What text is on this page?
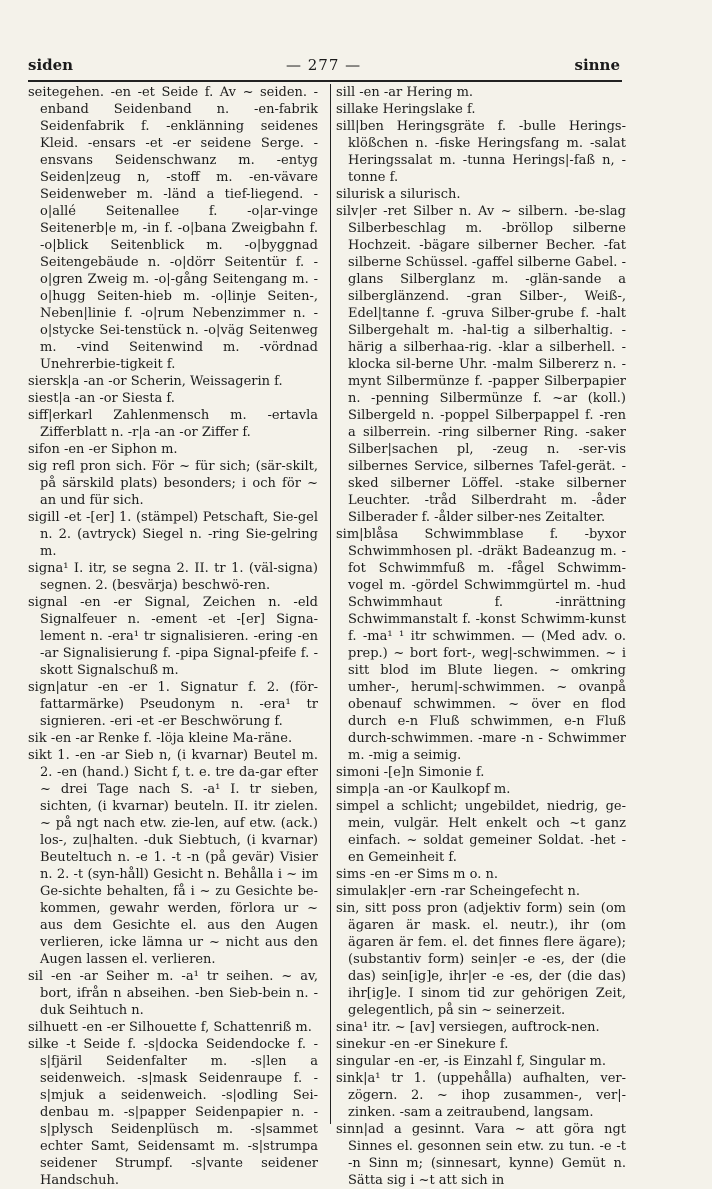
siden	— 277 —	sinne

seitegehen. -en -et Seide f. Av ~ seiden. -enband Seidenband n. -en-fabrik Seidenfabrik f. -enklänning seidenes Kleid. -ensars -et -er seidene Serge. -ensvans Seidenschwanz m. -entyg Seiden|zeug n, -stoff m. -en-vävare Seidenweber m. -länd a tief-liegend. -o|allé Seitenallee f. -o|ar-vinge Seitenerb|e m, -in f. -o|bana Zweigbahn f. -o|blick Seitenblick m. -o|byggnad Seitengebäude n. -o|dörr Seitentür f. -o|gren Zweig m. -o|-gång Seitengang m. -o|hugg Seiten-hieb m. -o|linje Seiten-, Neben|linie f. -o|rum Nebenzimmer n. -o|stycke Sei-tenstück n. -o|väg Seitenweg m. -vind Seitenwind m. -vördnad Unehrerbie-tigkeit f.

siersk|a -an -or Scherin, Weissagerin f.

siest|a -an -or Siesta f.

siff|erkarl Zahlenmensch m. -ertavla Zifferblatt n. -r|a -an -or Ziffer f.

sifon -en -er Siphon m.

sig refl pron sich. För ~ für sich; (sär-skilt, på särskild plats) besonders; i och för ~ an und für sich.

sigill -et -[er] 1. (stämpel) Petschaft, Sie-gel n. 2. (avtryck) Siegel n. -ring Sie-gelring m.

signa¹ I. itr, se segna 2. II. tr 1. (väl-signa) segnen. 2. (besvärja) beschwö-ren.

signal -en -er Signal, Zeichen n. -eld Signalfeuer n. -ement -et -[er] Signa-lement n. -era¹ tr signalisieren. -ering -en -ar Signalisierung f. -pipa Signal-pfeife f. -skott Signalschuß m.

sign|atur -en -er 1. Signatur f. 2. (för-fattarmärke) Pseudonym n. -era¹ tr signieren. -eri -et -er Beschwörung f.

sik -en -ar Renke f. -löja kleine Ma-räne.

sikt 1. -en -ar Sieb n, (i kvarnar) Beutel m. 2. -en (hand.) Sicht f, t. e. tre da-gar efter ~ drei Tage nach S. -a¹ I. tr sieben, sichten, (i kvarnar) beuteln. II. itr zielen. ~ på ngt nach etw. zie-len, auf etw. (ack.) los-, zu|halten. -duk Siebtuch, (i kvarnar) Beuteltuch n. -e 1. -t -n (på gevär) Visier n. 2. -t (syn-håll) Gesicht n. Behålla i ~ im Ge-sichte behalten, få i ~ zu Gesichte be-kommen, gewahr werden, förlora ur ~ aus dem Gesichte el. aus den Augen verlieren, icke lämna ur ~ nicht aus den Augen lassen el. verlieren.

sil -en -ar Seiher m. -a¹ tr seihen. ~ av, bort, ifrån n abseihen. -ben Sieb-bein n. -duk Seihtuch n.

silhuett -en -er Silhouette f, Schattenriß m.

silke -t Seide f. -s|docka Seidendocke f. -s|fjäril Seidenfalter m. -s|len a seidenweich. -s|mask Seidenraupe f. -s|mjuk a seidenweich. -s|odling Sei-denbau m. -s|papper Seidenpapier n. -s|plysch Seidenplüsch m. -s|sammet echter Samt, Seidensamt m. -s|strumpa seidener Strumpf. -s|vante seidener Handschuh.

sill -en -ar Hering m.

sillake Heringslake f.

sill|ben Heringsgräte f. -bulle Herings-klößchen n. -fiske Heringsfang m. -salat Heringssalat m. -tunna Herings|-faß n, -tonne f.

silurisk a silurisch.

silv|er -ret Silber n. Av ~ silbern. -be-slag Silberbeschlag m. -bröllop silberne Hochzeit. -bägare silberner Becher. -fat silberne Schüssel. -gaffel silberne Gabel. -glans Silberglanz m. -glän-sande a silberglänzend. -gran Silber-, Weiß-, Edel|tanne f. -gruva Silber-grube f. -halt Silbergehalt m. -hal-tig a silberhaltig. -härig a silberhaa-rig. -klar a silberhell. -klocka sil-berne Uhr. -malm Silbererz n. -mynt Silbermünze f. -papper Silberpapier n. -penning Silbermünze f. ~ar (koll.) Silbergeld n. -poppel Silberpappel f. -ren a silberrein. -ring silberner Ring. -saker Silber|sachen pl, -zeug n. -ser-vis silbernes Service, silbernes Tafel-gerät. -sked silberner Löffel. -stake silberner Leuchter. -tråd Silberdraht m. -åder Silberader f. -ålder silber-nes Zeitalter.

sim|blåsa Schwimmblase f. -byxor Schwimmhosen pl. -dräkt Badeanzug m. -fot Schwimmfuß m. -fågel Schwimm-vogel m. -gördel Schwimmgürtel m. -hud Schwimmhaut f. -inrättning Schwimmanstalt f. -konst Schwimm-kunst f. -ma¹ ¹ itr schwimmen. — (Med adv. o. prep.) ~ bort fort-, weg|-schwimmen. ~ i sitt blod im Blute liegen. ~ omkring umher-, herum|-schwimmen. ~ ovanpå obenauf schwimmen. ~ över en flod durch e-n Fluß schwimmen, e-n Fluß durch-schwimmen. -mare -n - Schwimmer m. -mig a seimig.

simoni -[e]n Simonie f.

simp|a -an -or Kaulkopf m.

simpel a schlicht; ungebildet, niedrig, ge-mein, vulgär. Helt enkelt och ~t ganz einfach. ~ soldat gemeiner Soldat. -het -en Gemeinheit f.

sims -en -er Sims m o. n.

simulak|er -ern -rar Scheingefecht n.

sin, sitt poss pron (adjektiv form) sein (om ägaren är mask. el. neutr.), ihr (om ägaren är fem. el. det finnes flere ägare); (substantiv form) sein|er -e -es, der (die das) sein[ig]e, ihr|er -e -es, der (die das) ihr[ig]e. I sinom tid zur gehörigen Zeit, gelegentlich, på sin ~ seinerzeit.

sina¹ itr. ~ [av] versiegen, auftrock-nen.

sinekur -en -er Sinekure f.

singular -en -er, -is Einzahl f, Singular m.

sink|a¹ tr 1. (uppehålla) aufhalten, ver-zögern. 2. ~ ihop zusammen-, ver|-zinken. -sam a zeitraubend, langsam.

sinn|ad a gesinnt. Vara ~ att göra ngt Sinnes el. gesonnen sein etw. zu tun. -e -t -n Sinn m; (sinnesart, kynne) Gemüt n. Sätta sig i ~t att sich in
